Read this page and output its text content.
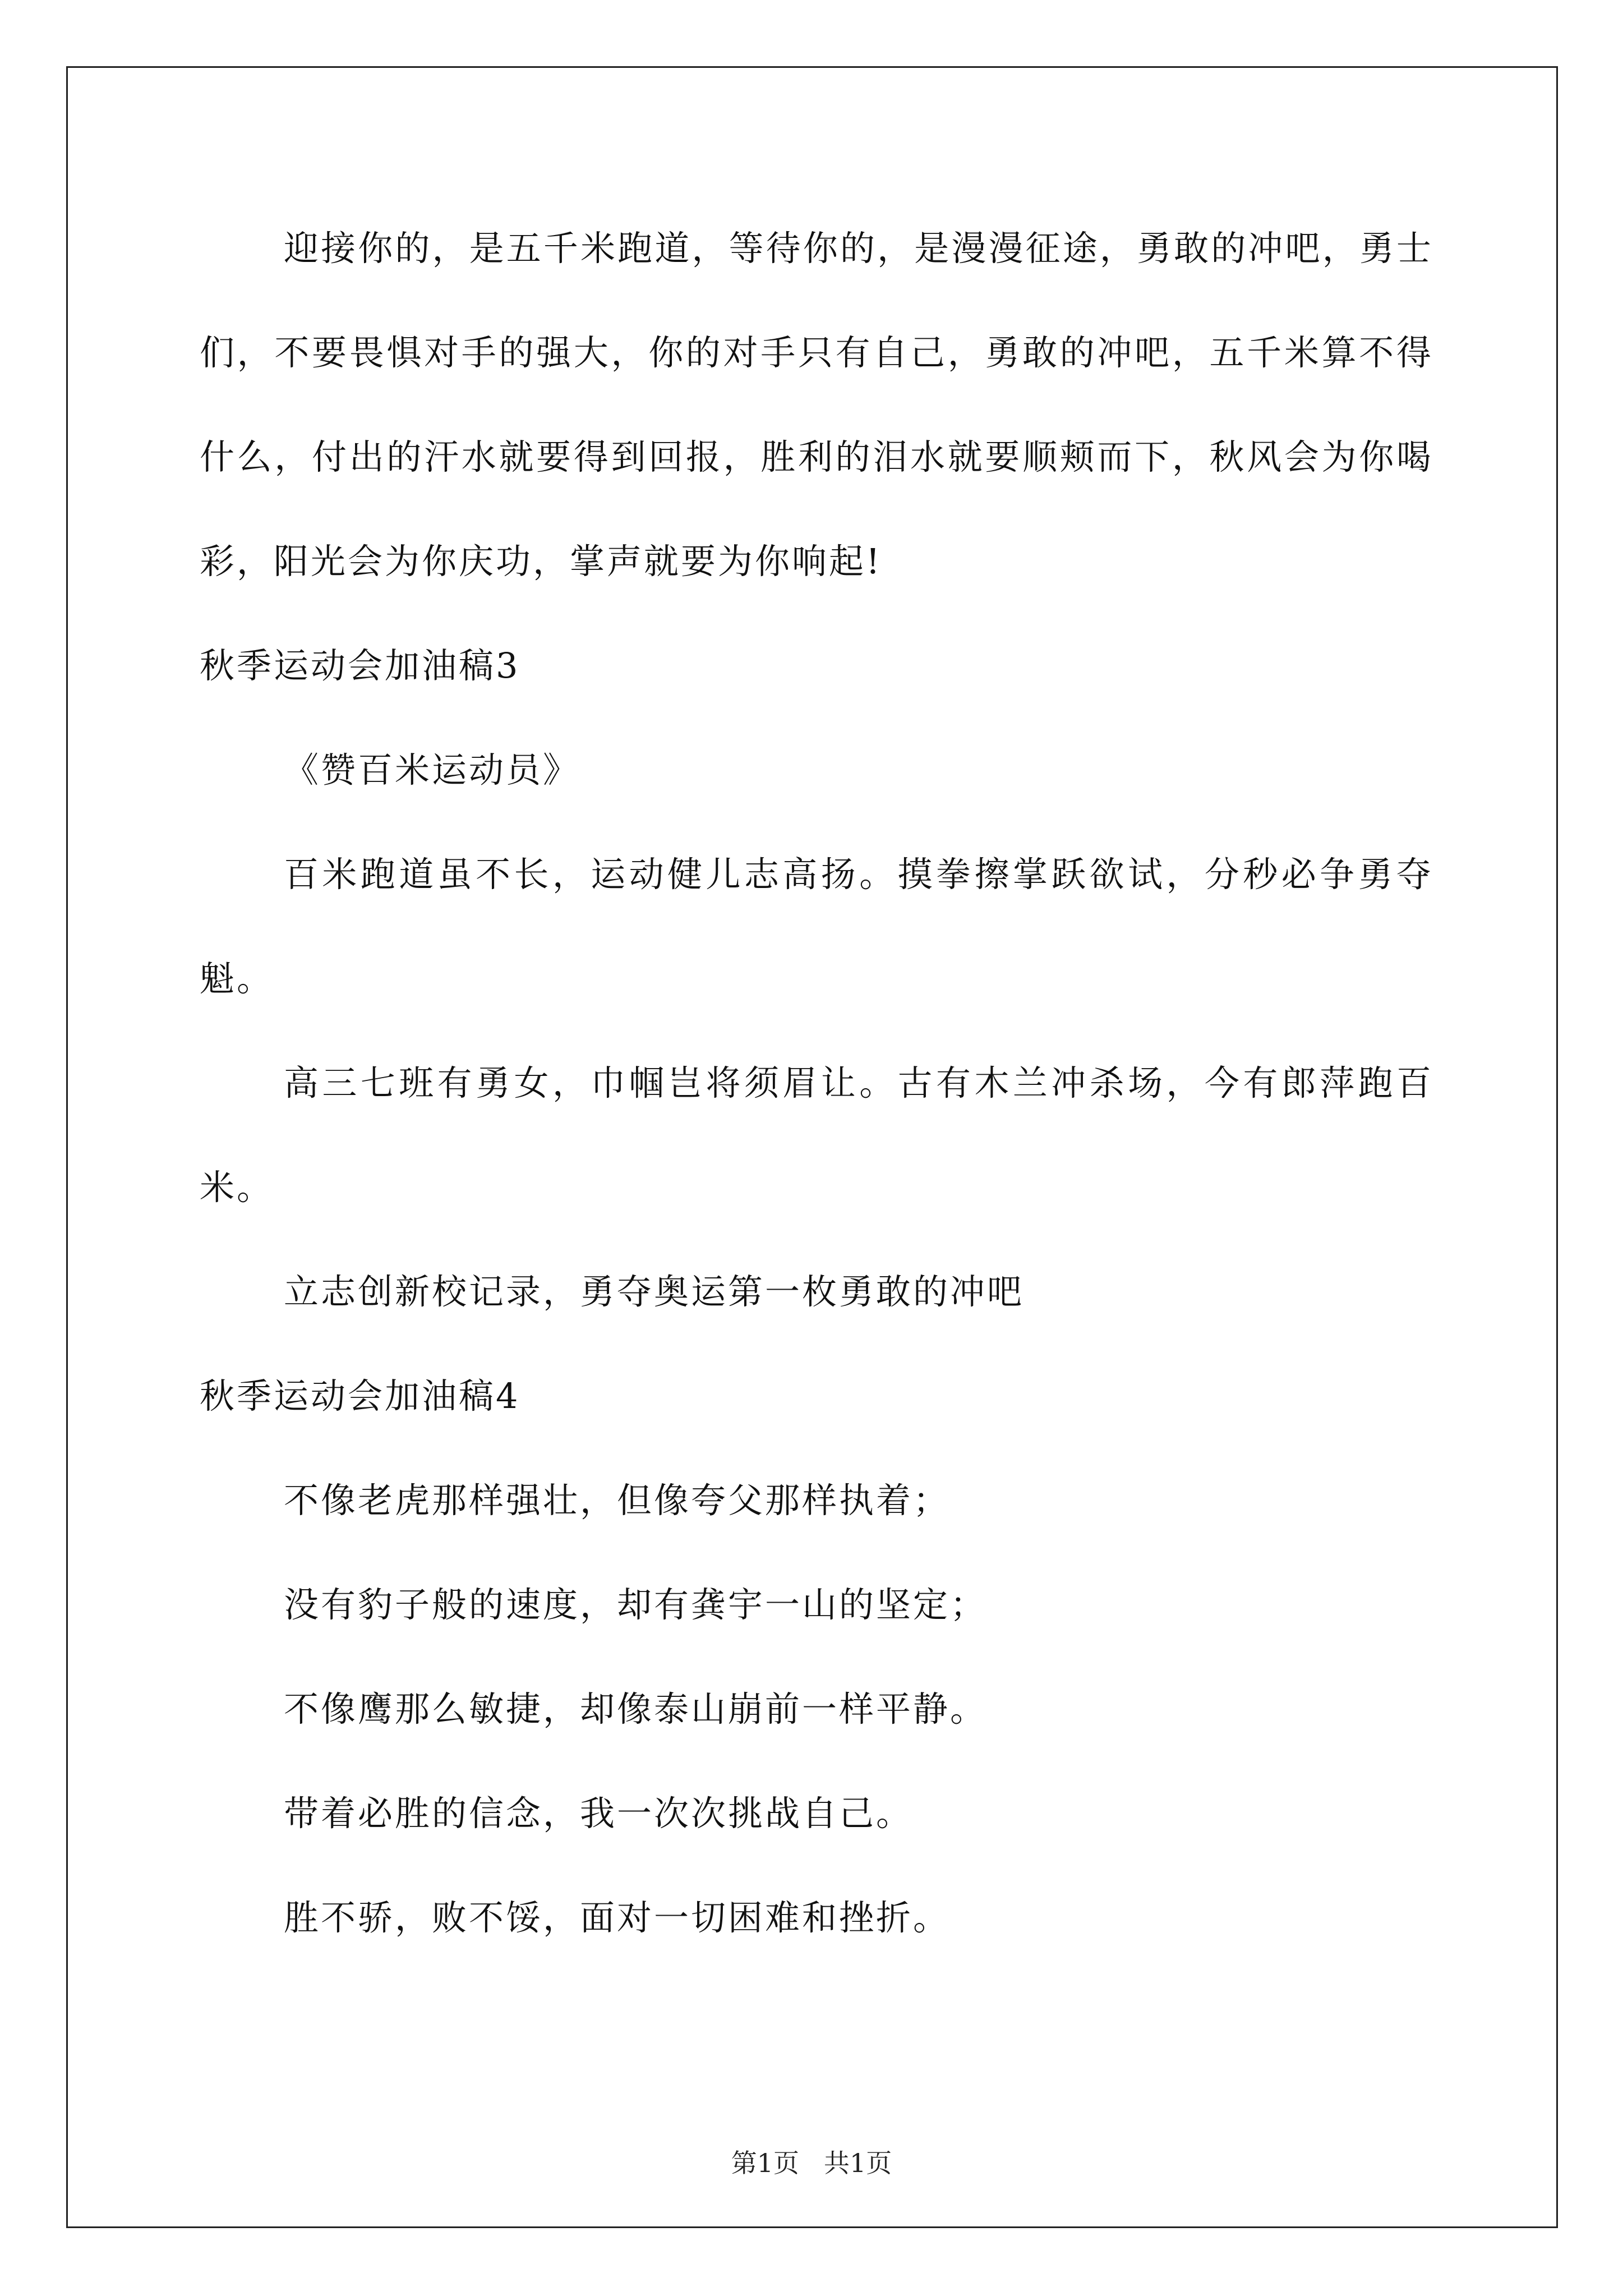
迎接你的，是五千米跑道，等待你的，是漫漫征途，勇敢的冲吧，勇士们，不要畏惧对手的强大，你的对手只有自己，勇敢的冲吧，五千米算不得什么，付出的汗水就要得到回报，胜利的泪水就要顺颊而下，秋风会为你喝彩，阳光会为你庆功，掌声就要为你响起!

秋季运动会加油稿3

《赞百米运动员》

百米跑道虽不长，运动健儿志高扬。摸拳擦掌跃欲试，分秒必争勇夺魁。

高三七班有勇女，巾帼岂将须眉让。古有木兰冲杀场，今有郎萍跑百米。

立志创新校记录，勇夺奥运第一枚勇敢的冲吧

秋季运动会加油稿4

不像老虎那样强壮，但像夸父那样执着；

没有豹子般的速度，却有龚宇一山的坚定；

不像鹰那么敏捷，却像泰山崩前一样平静。

带着必胜的信念，我一次次挑战自己。

胜不骄，败不馁，面对一切困难和挫折。

第1页 共1页
